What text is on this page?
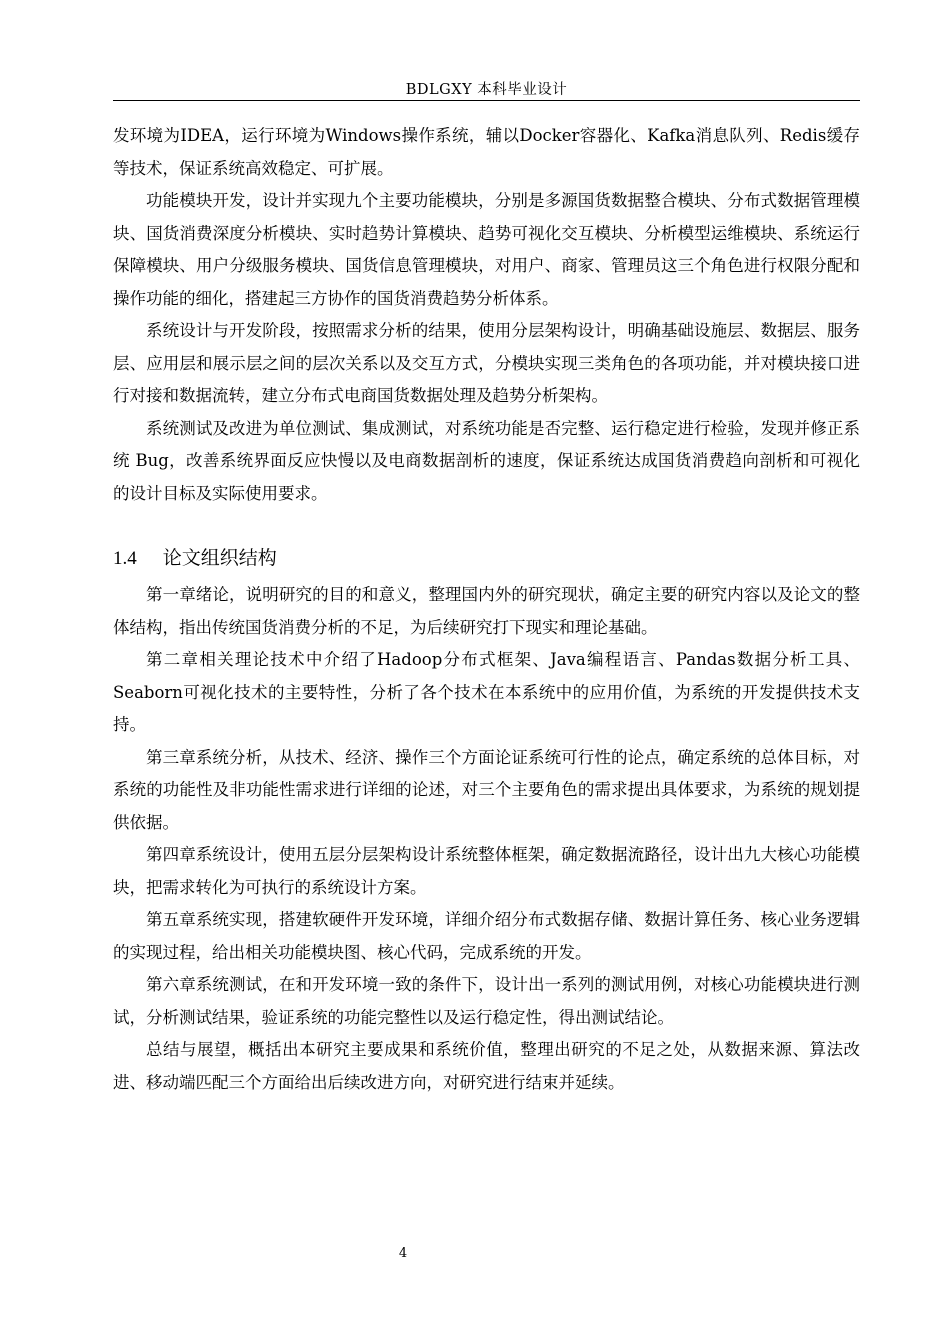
BDLGXY 本科毕业设计

发环境为IDEA，运行环境为Windows操作系统，辅以Docker容器化、Kafka消息队列、Redis缓存等技术，保证系统高效稳定、可扩展。

功能模块开发，设计并实现九个主要功能模块，分别是多源国货数据整合模块、分布式数据管理模块、国货消费深度分析模块、实时趋势计算模块、趋势可视化交互模块、分析模型运维模块、系统运行保障模块、用户分级服务模块、国货信息管理模块，对用户、商家、管理员这三个角色进行权限分配和操作功能的细化，搭建起三方协作的国货消费趋势分析体系。

系统设计与开发阶段，按照需求分析的结果，使用分层架构设计，明确基础设施层、数据层、服务层、应用层和展示层之间的层次关系以及交互方式，分模块实现三类角色的各项功能，并对模块接口进行对接和数据流转，建立分布式电商国货数据处理及趋势分析架构。

系统测试及改进为单位测试、集成测试，对系统功能是否完整、运行稳定进行检验，发现并修正系统 Bug，改善系统界面反应快慢以及电商数据剖析的速度，保证系统达成国货消费趋向剖析和可视化的设计目标及实际使用要求。

1.4 论文组织结构

第一章绪论，说明研究的目的和意义，整理国内外的研究现状，确定主要的研究内容以及论文的整体结构，指出传统国货消费分析的不足，为后续研究打下现实和理论基础。

第二章相关理论技术中介绍了Hadoop分布式框架、Java编程语言、Pandas数据分析工具、Seaborn可视化技术的主要特性，分析了各个技术在本系统中的应用价值，为系统的开发提供技术支持。

第三章系统分析，从技术、经济、操作三个方面论证系统可行性的论点，确定系统的总体目标，对系统的功能性及非功能性需求进行详细的论述，对三个主要角色的需求提出具体要求，为系统的规划提供依据。

第四章系统设计，使用五层分层架构设计系统整体框架，确定数据流路径，设计出九大核心功能模块，把需求转化为可执行的系统设计方案。

第五章系统实现，搭建软硬件开发环境，详细介绍分布式数据存储、数据计算任务、核心业务逻辑的实现过程，给出相关功能模块图、核心代码，完成系统的开发。

第六章系统测试，在和开发环境一致的条件下，设计出一系列的测试用例，对核心功能模块进行测试，分析测试结果，验证系统的功能完整性以及运行稳定性，得出测试结论。

总结与展望，概括出本研究主要成果和系统价值，整理出研究的不足之处，从数据来源、算法改进、移动端匹配三个方面给出后续改进方向，对研究进行结束并延续。

4
